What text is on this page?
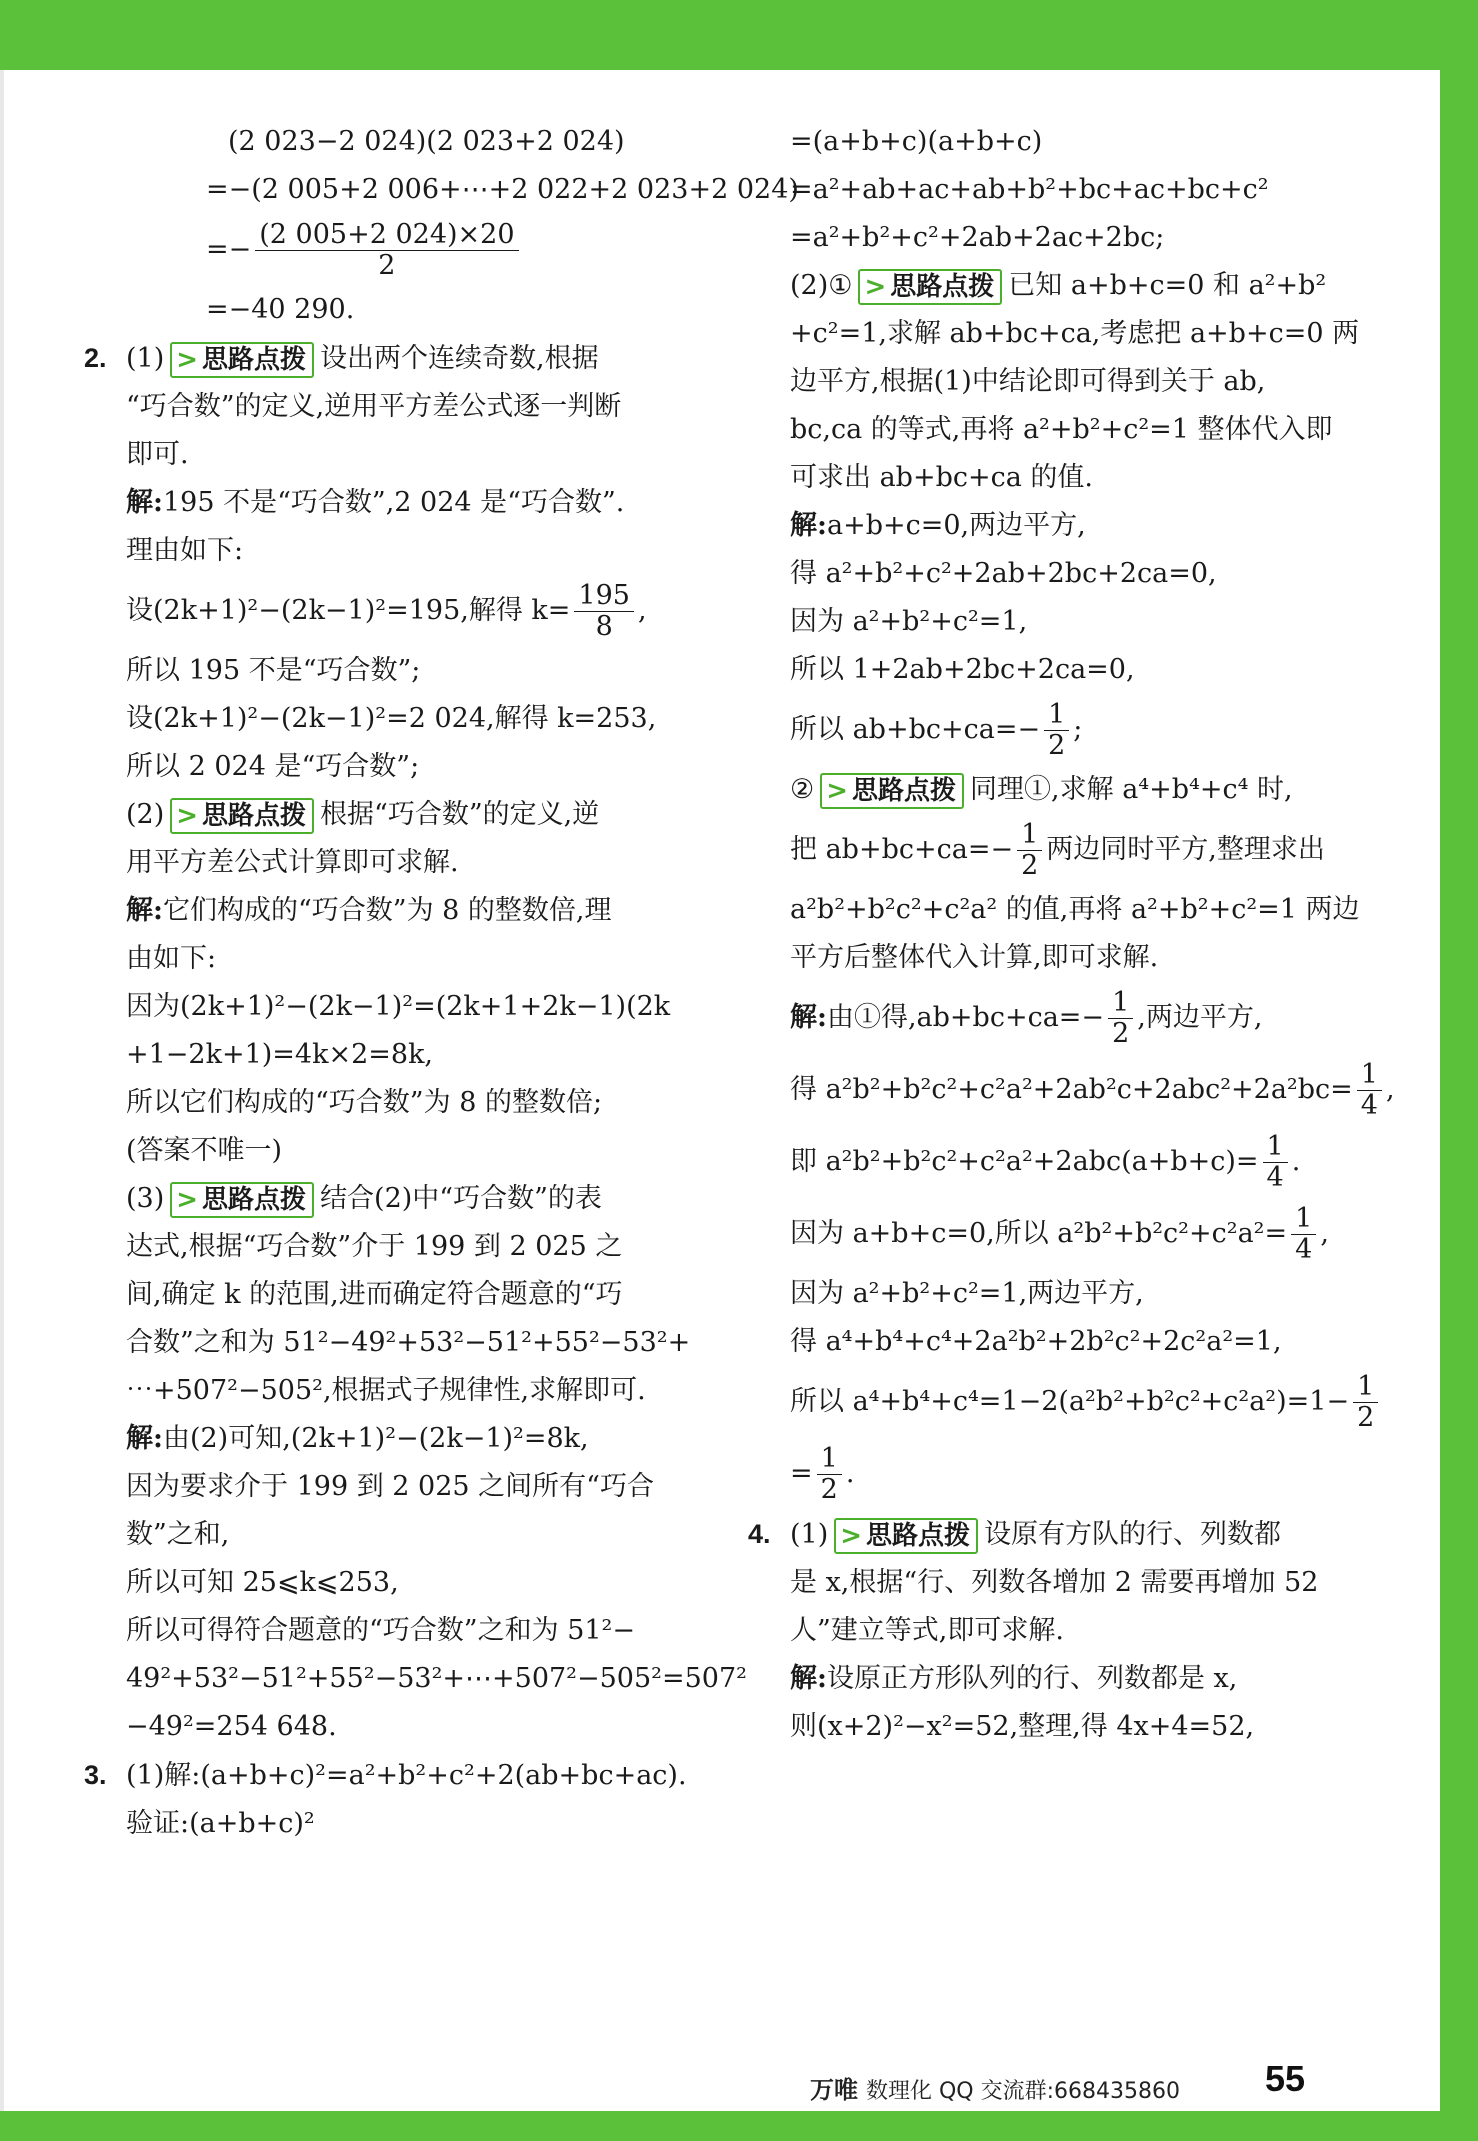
(2 023−2 024)(2 023+2 024)
=−(2 005+2 006+⋯+2 022+2 023+2 024)
=− $\frac{(2 005+2 024)\times 20}{2}$
=−40 290.
2. (1) > 思路点拨 设出两个连续奇数,根据
“巧合数”的定义,逆用平方差公式逐一判断
即可.
解:195 不是“巧合数”,2 024 是“巧合数”.
理由如下:
设(2k+1)²−(2k−1)²=195,解得 $k= \frac{195}{8}$ ,
所以 195 不是“巧合数”;
设(2k+1)²−(2k−1)²=2 024,解得 k=253,
所以 2 024 是“巧合数”;
(2) > 思路点拨 根据“巧合数”的定义,逆
用平方差公式计算即可求解.
解:它们构成的“巧合数”为 8 的整数倍,理
由如下:
因为(2k+1)²−(2k−1)²=(2k+1+2k−1)(2k
+1−2k+1)=4k×2=8k,
所以它们构成的“巧合数”为 8 的整数倍;
(答案不唯一)
(3) > 思路点拨 结合(2)中“巧合数”的表
达式,根据“巧合数”介于 199 到 2 025 之
间,确定 k 的范围,进而确定符合题意的“巧
合数”之和为 51²−49²+53²−51²+55²−53²+
⋯+507²−505²,根据式子规律性,求解即可.
解:由(2)可知,(2k+1)²−(2k−1)²=8k,
因为要求介于 199 到 2 025 之间所有“巧合
数”之和,
所以可知 25⩽k⩽253,
所以可得符合题意的“巧合数”之和为 51²−
49²+53²−51²+55²−53²+⋯+507²−505²=507²
−49²=254 648.
3. (1)解:(a+b+c)²=a²+b²+c²+2(ab+bc+ac).
验证:(a+b+c)²
=(a+b+c)(a+b+c)
=a²+ab+ac+ab+b²+bc+ac+bc+c²
=a²+b²+c²+2ab+2ac+2bc;
(2)① > 思路点拨 已知 a+b+c=0 和 a²+b²
+c²=1,求解 ab+bc+ca,考虑把 a+b+c=0 两
边平方,根据(1)中结论即可得到关于 ab,
bc,ca 的等式,再将 a²+b²+c²=1 整体代入即
可求出 ab+bc+ca 的值.
解:a+b+c=0,两边平方,
得 a²+b²+c²+2ab+2bc+2ca=0,
因为 a²+b²+c²=1,
所以 1+2ab+2bc+2ca=0,
所以 $ab+bc+ca=- \frac{1}{2}$ ;
② > 思路点拨 同理①,求解 a⁴+b⁴+c⁴ 时,
把 $ab+bc+ca=- \frac{1}{2}$ 两边同时平方,整理求出
a²b²+b²c²+c²a² 的值,再将 a²+b²+c²=1 两边
平方后整体代入计算,即可求解.
解:由①得$,ab+bc+ca=- \frac{1}{2}$ ,两边平方,
得 $a^2b^2+b^2c^2+c^2a^2+2ab^2c+2abc^2+2a^2bc= \frac{1}{4}$ ,
即 $a^2b^2+b^2c^2+c^2a^2+2abc(a+b+c)= \frac{1}{4}$ .
因为 a+b+c=0,所以 $a^2b^2+b^2c^2+c^2a^2= \frac{1}{4}$ ,
因为 a²+b²+c²=1,两边平方,
得 a⁴+b⁴+c⁴+2a²b²+2b²c²+2c²a²=1,
所以 $a^4+b^4+c^4=1-2(a^2b^2+b^2c^2+c^2a^2)=1- \frac{1}{2}$
= $\frac{1}{2}$ .
4. (1) > 思路点拨 设原有方队的行、列数都
是 x,根据“行、列数各增加 2 需要再增加 52
人”建立等式,即可求解.
解:设原正方形队列的行、列数都是 x,
则(x+2)²−x²=52,整理,得 4x+4=52,
万唯 数理化 QQ 交流群:668435860 55
